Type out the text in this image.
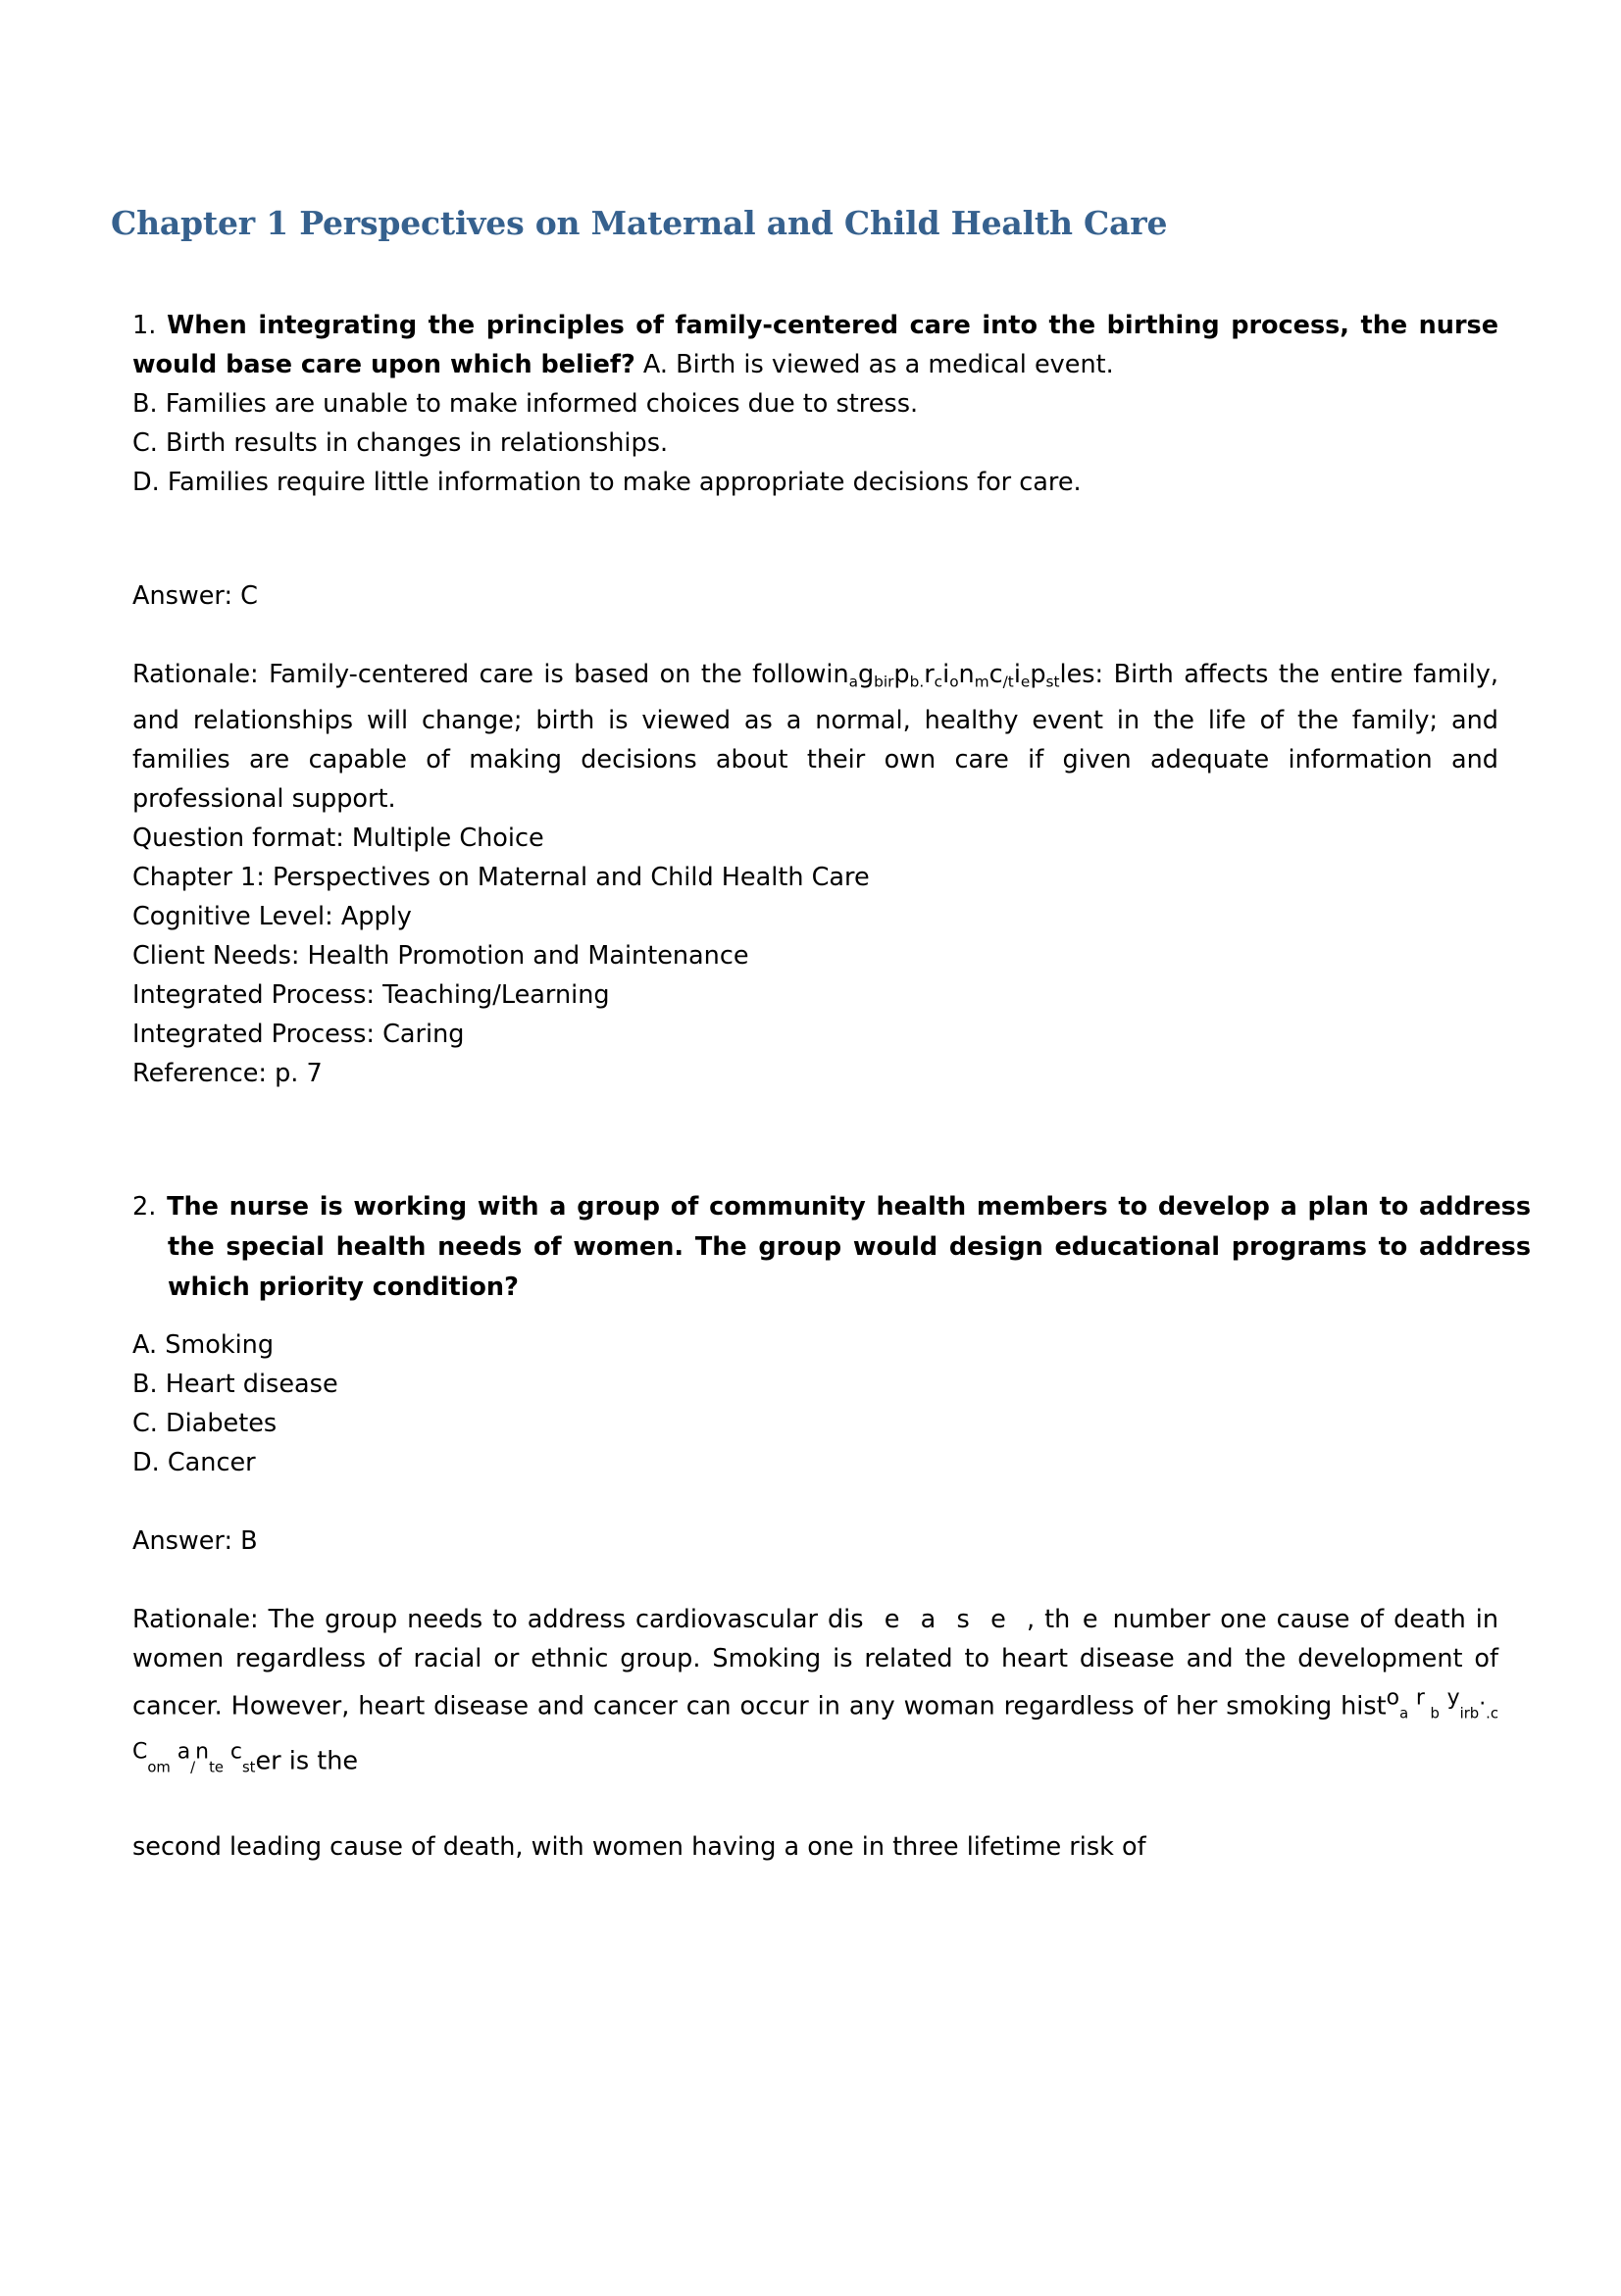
Chapter 1 Perspectives on Maternal and Child Health Care

1. When integrating the principles of family-centered care into the birthing process, the nurse would base care upon which belief? A. Birth is viewed as a medical event.

B. Families are unable to make informed choices due to stress.

C. Birth results in changes in relationships.

D. Families require little information to make appropriate decisions for care.

Answer: C

Rationale: Family-centered care is based on the followinagbirpb.rcionmc/tiepstles: Birth affects the entire family, and relationships will change; birth is viewed as a normal, healthy event in the life of the family; and families are capable of making decisions about their own care if given adequate information and professional support.

Question format: Multiple Choice

Chapter 1: Perspectives on Maternal and Child Health Care

Cognitive Level: Apply

Client Needs: Health Promotion and Maintenance

Integrated Process: Teaching/Learning

Integrated Process: Caring

Reference: p. 7

2. The nurse is working with a group of community health members to develop a plan to address the special health needs of women. The group would design educational programs to address which priority condition?

A. Smoking

B. Heart disease

C. Diabetes

D. Cancer

Answer: B

Rationale: The group needs to address cardiovascular dis e a s e , th e number one cause of death in women regardless of racial or ethnic group. Smoking is related to heart disease and the development of cancer. However, heart disease and cancer can occur in any woman regardless of her smoking histoa r b yirb..c Com a/nte cster is the

second leading cause of death, with women having a one in three lifetime risk of
